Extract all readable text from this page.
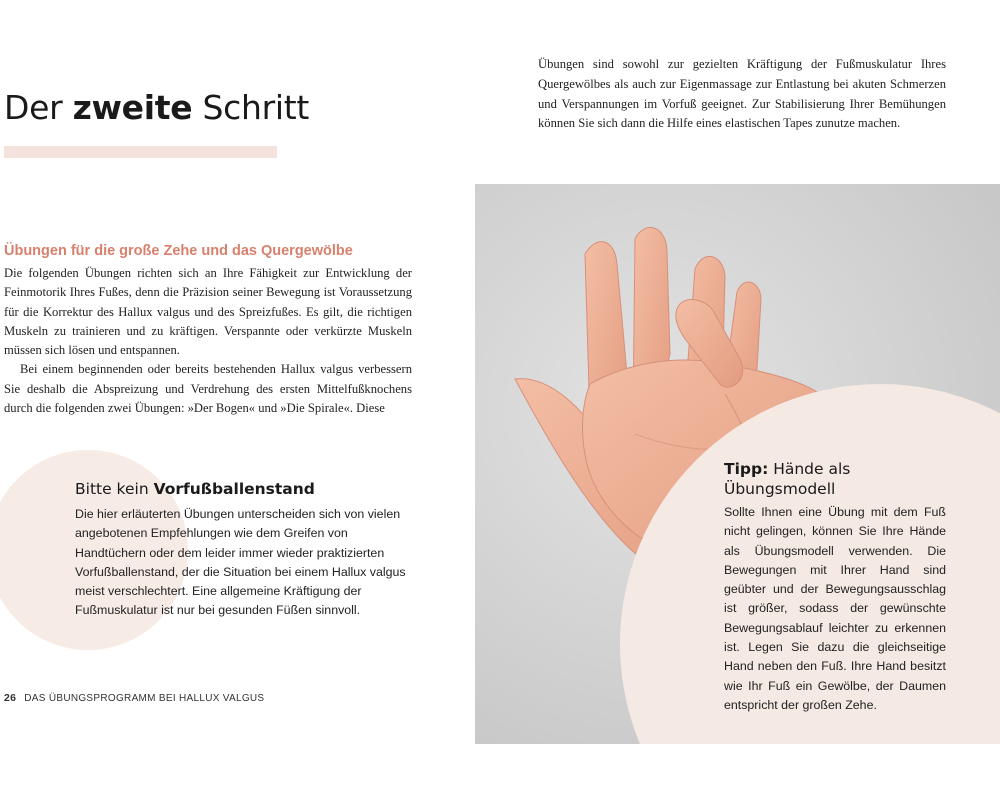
Der zweite Schritt

Übungen sind sowohl zur gezielten Kräftigung der Fußmuskulatur Ihres Quergewölbes als auch zur Eigenmassage zur Entlastung bei akuten Schmerzen und Verspannungen im Vorfuß geeignet. Zur Stabilisierung Ihrer Bemühungen können Sie sich dann die Hilfe eines elastischen Tapes zunutze machen.

Übungen für die große Zehe und das Quergewölbe

Die folgenden Übungen richten sich an Ihre Fähigkeit zur Entwicklung der Feinmotorik Ihres Fußes, denn die Präzision seiner Bewegung ist Voraussetzung für die Korrektur des Hallux valgus und des Spreizfußes. Es gilt, die richtigen Muskeln zu trainieren und zu kräftigen. Verspannte oder verkürzte Muskeln müssen sich lösen und entspannen.

Bei einem beginnenden oder bereits bestehenden Hallux valgus verbessern Sie deshalb die Abspreizung und Verdrehung des ersten Mittelfußknochens durch die folgenden zwei Übungen: »Der Bogen« und »Die Spirale«. Diese

Bitte kein Vorfußballenstand

Die hier erläuterten Übungen unterscheiden sich von vielen angebotenen Empfehlungen wie dem Greifen von Handtüchern oder dem leider immer wieder praktizierten Vorfußballenstand, der die Situation bei einem Hallux valgus meist verschlechtert. Eine allgemeine Kräftigung der Fußmuskulatur ist nur bei gesunden Füßen sinnvoll.

26 DAS ÜBUNGSPROGRAMM BEI HALLUX VALGUS
Tipp: Hände als Übungsmodell

Sollte Ihnen eine Übung mit dem Fuß nicht gelingen, können Sie Ihre Hände als Übungsmodell verwenden. Die Bewegungen mit Ihrer Hand sind geübter und der Bewegungsausschlag ist größer, sodass der gewünschte Bewegungsablauf leichter zu erkennen ist. Legen Sie dazu die gleichseitige Hand neben den Fuß. Ihre Hand besitzt wie Ihr Fuß ein Gewölbe, der Daumen entspricht der großen Zehe.
